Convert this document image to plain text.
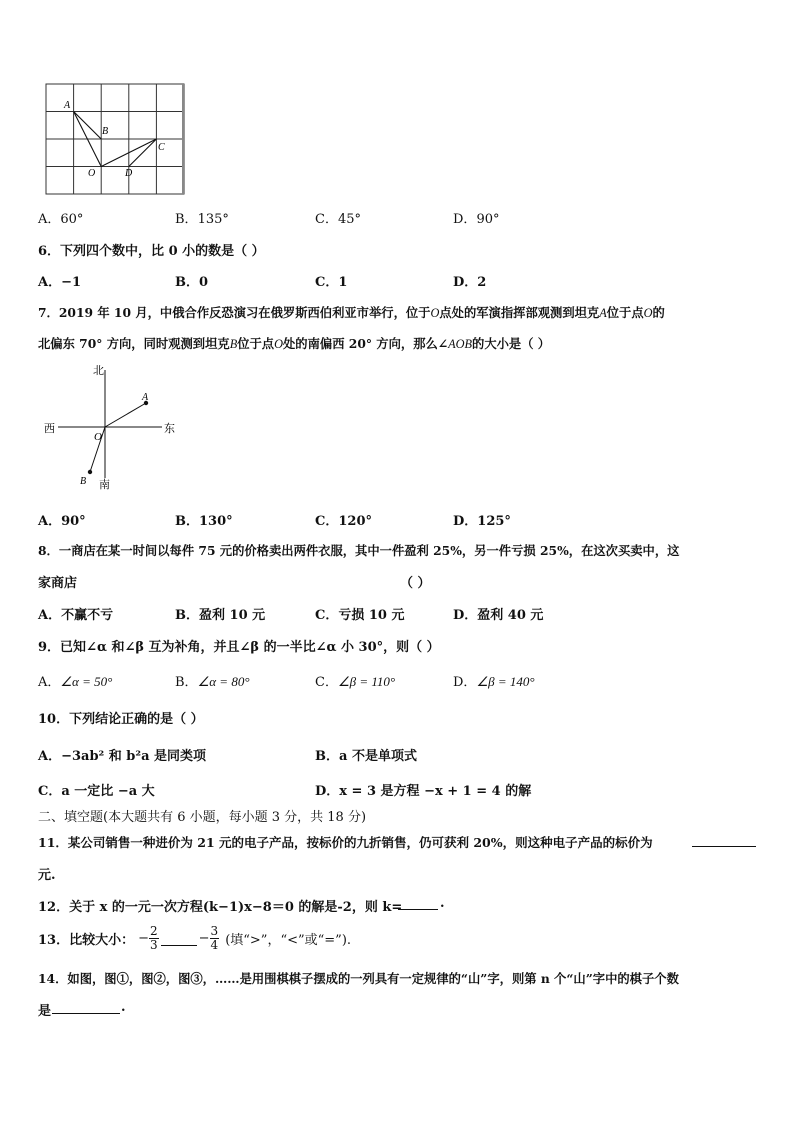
A
B
C
O	D
A．60°	B．135°	C．45°	D．90°
6．下列四个数中，比 0 小的数是（ ）
A．−1	B．0	C．1	D．2
7．2019 年 10 月，中俄合作反恐演习在俄罗斯西伯利亚市举行，位于O点处的军演指挥部观测到坦克A位于点O的
北偏东 70° 方向，同时观测到坦克B位于点O处的南偏西 20° 方向，那么∠AOB的大小是（ ）
北
南
西	东
A
B
O
A．90°	B．130°	C．120°	D．125°
8．一商店在某一时间以每件 75 元的价格卖出两件衣服，其中一件盈利 25%，另一件亏损 25%，在这次买卖中，这
家商店	（ ）
A．不赢不亏	B．盈利 10 元	C．亏损 10 元	D．盈利 40 元
9．已知∠α 和∠β 互为补角，并且∠β 的一半比∠α 小 30°，则（ ）
A．∠α = 50°	B．∠α = 80°	C．∠β = 110°	D．∠β = 140°
10．下列结论正确的是（ ）
A．−3ab² 和 b²a 是同类项	B．a 不是单项式
C．a 一定比 −a 大	D．x = 3 是方程 −x + 1 = 4 的解
二、填空题(本大题共有 6 小题，每小题 3 分，共 18 分)
11．某公司销售一种进价为 21 元的电子产品，按标价的九折销售，仍可获利 20%，则这种电子产品的标价为
元.
12．关于 x 的一元一次方程(k−1)x−8＝0 的解是-2，则 k=	.
13．比较大小： − $\frac{2}{3}$	− $\frac{3}{4}$ (填“>”，“<”或“=”).
14．如图，图①，图②，图③，……是用围棋棋子摆成的一列具有一定规律的“山”字，则第 n 个“山”字中的棋子个数
是	.
